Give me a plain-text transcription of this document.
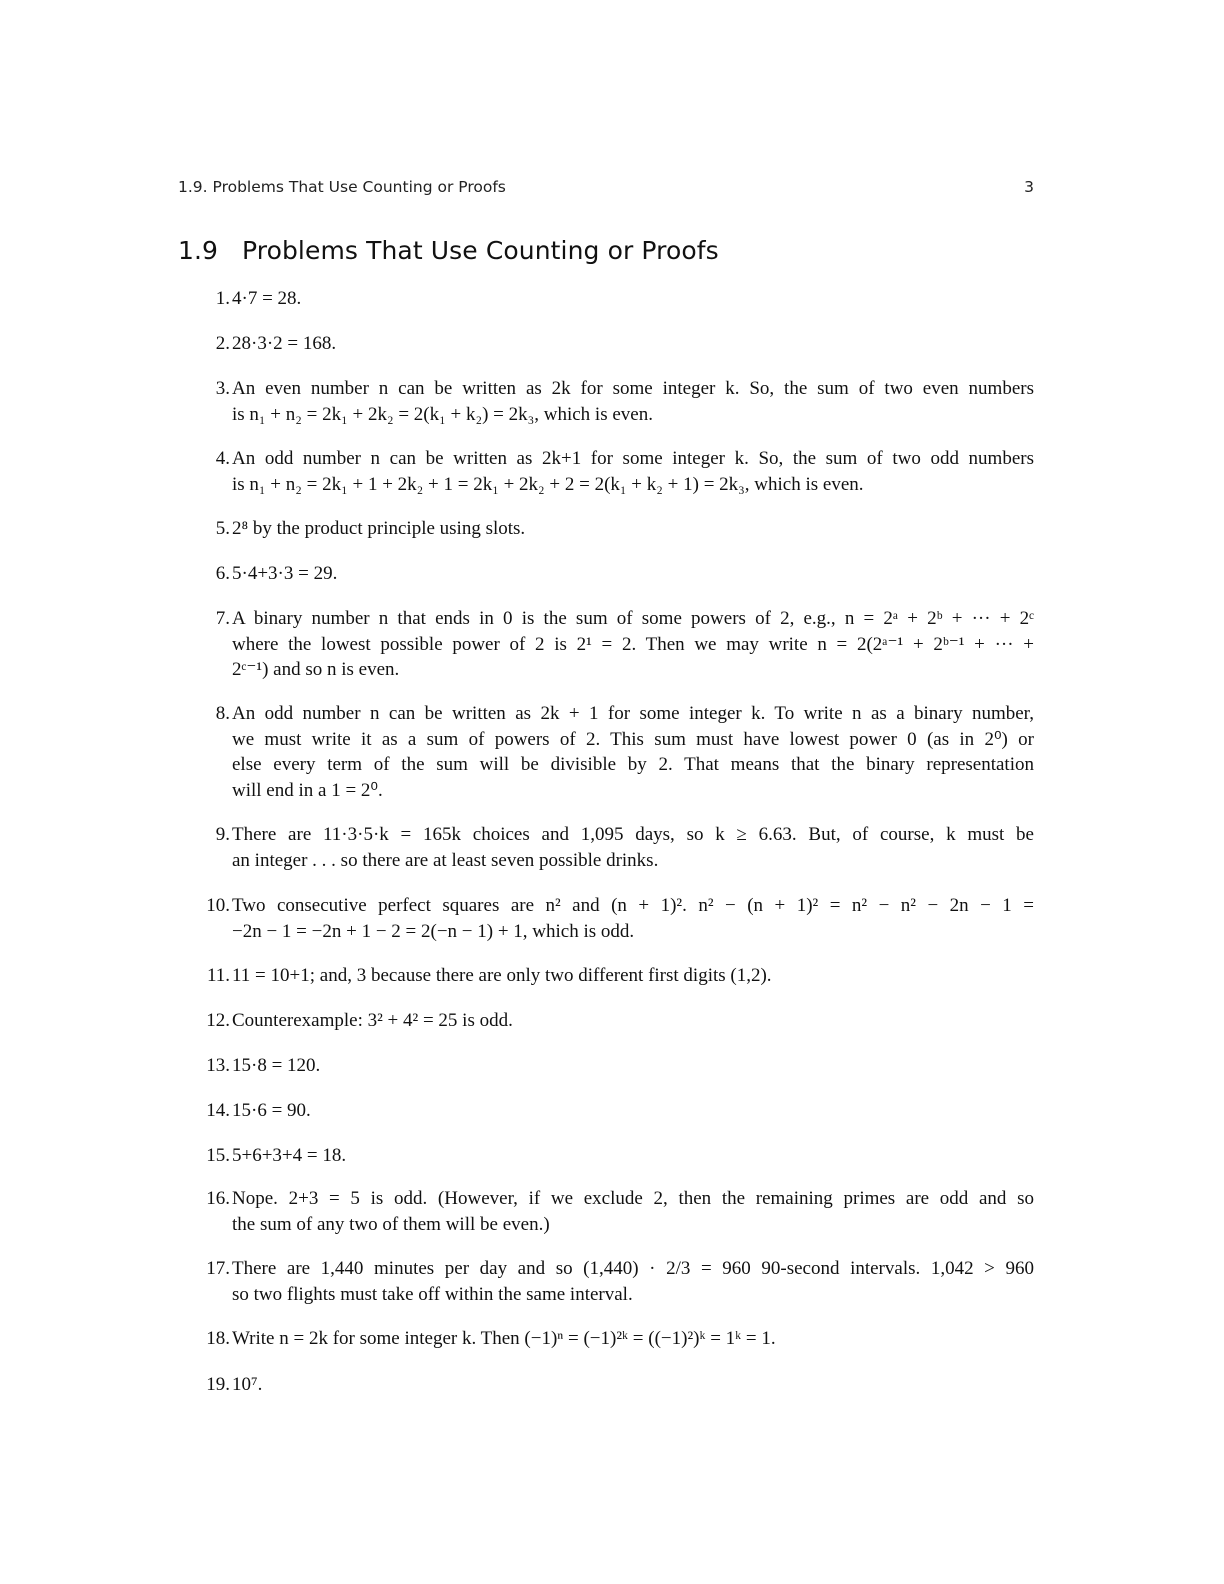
1.9. Problems That Use Counting or Proofs	3
1.9 Problems That Use Counting or Proofs
1. 4·7 = 28.
2. 28·3·2 = 168.
3. An even number n can be written as 2k for some integer k. So, the sum of two even numbers
is n₁ + n₂ = 2k₁ + 2k₂ = 2(k₁ + k₂) = 2k₃, which is even.
4. An odd number n can be written as 2k+1 for some integer k. So, the sum of two odd numbers
is n₁ + n₂ = 2k₁ + 1 + 2k₂ + 1 = 2k₁ + 2k₂ + 2 = 2(k₁ + k₂ + 1) = 2k₃, which is even.
5. 2⁸ by the product principle using slots.
6. 5·4+3·3 = 29.
7. A binary number n that ends in 0 is the sum of some powers of 2, e.g., n = 2ᵃ + 2ᵇ + ··· + 2ᶜ
where the lowest possible power of 2 is 2¹ = 2. Then we may write n = 2(2ᵃ⁻¹ + 2ᵇ⁻¹ + ··· +
2ᶜ⁻¹) and so n is even.
8. An odd number n can be written as 2k + 1 for some integer k. To write n as a binary number,
we must write it as a sum of powers of 2. This sum must have lowest power 0 (as in 2⁰) or
else every term of the sum will be divisible by 2. That means that the binary representation
will end in a 1 = 2⁰.
9. There are 11·3·5·k = 165k choices and 1,095 days, so k ≥ 6.63. But, of course, k must be
an integer . . . so there are at least seven possible drinks.
10. Two consecutive perfect squares are n² and (n + 1)². n² − (n + 1)² = n² − n² − 2n − 1 =
−2n − 1 = −2n + 1 − 2 = 2(−n − 1) + 1, which is odd.
11. 11 = 10+1; and, 3 because there are only two different first digits (1,2).
12. Counterexample: 3² + 4² = 25 is odd.
13. 15·8 = 120.
14. 15·6 = 90.
15. 5+6+3+4 = 18.
16. Nope. 2+3 = 5 is odd. (However, if we exclude 2, then the remaining primes are odd and so
the sum of any two of them will be even.)
17. There are 1,440 minutes per day and so (1,440) · 2/3 = 960 90-second intervals. 1,042 > 960
so two flights must take off within the same interval.
18. Write n = 2k for some integer k. Then (−1)ⁿ = (−1)²ᵏ = ((−1)²)ᵏ = 1ᵏ = 1.
19. 10⁷.
